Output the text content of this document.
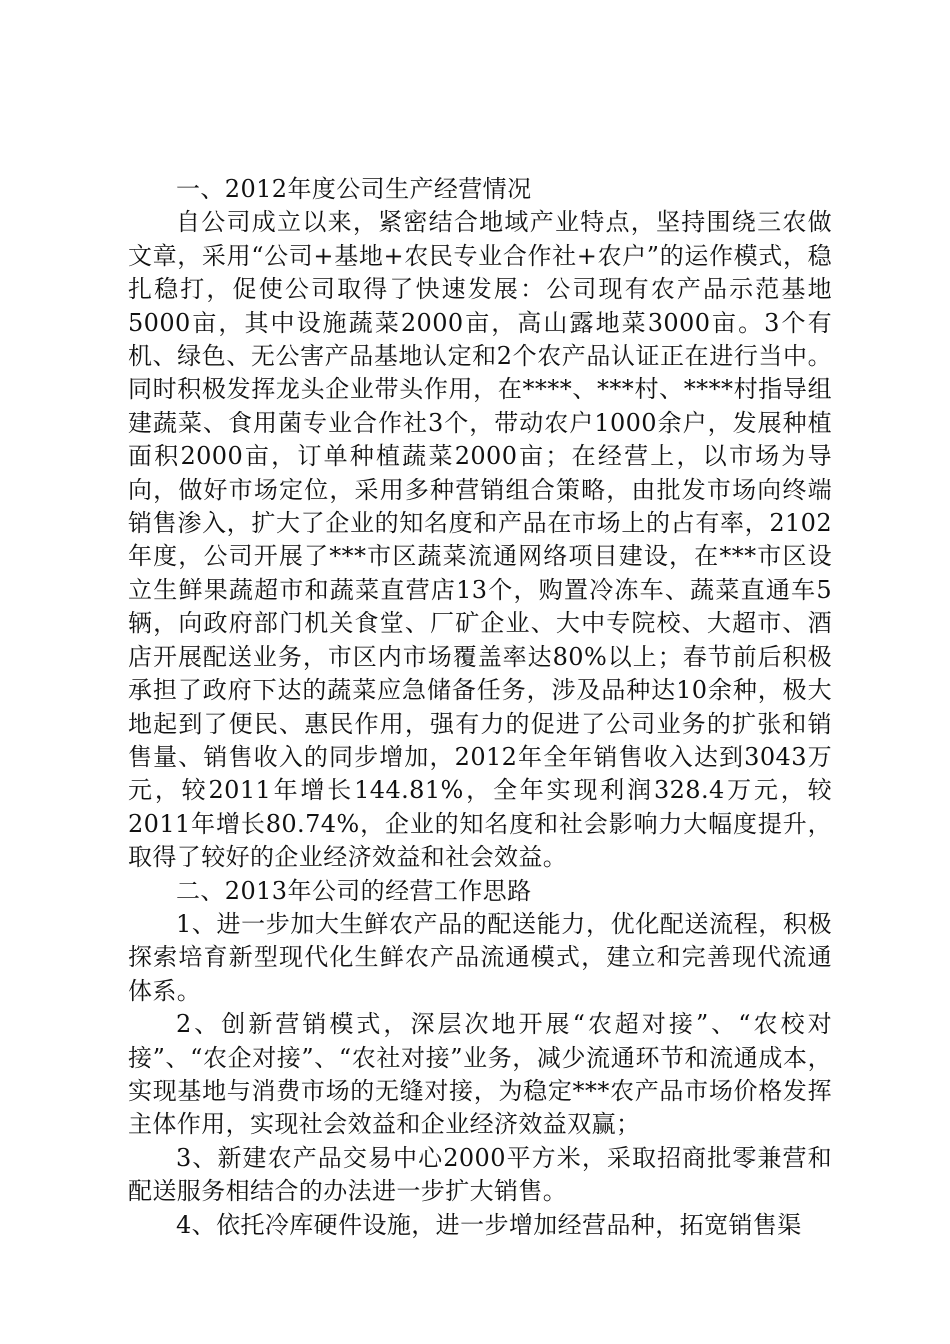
一、2012年度公司生产经营情况

自公司成立以来，紧密结合地域产业特点，坚持围绕三农做文章，采用“公司+基地+农民专业合作社+农户”的运作模式，稳扎稳打，促使公司取得了快速发展：公司现有农产品示范基地5000亩，其中设施蔬菜2000亩，高山露地菜3000亩。3个有机、绿色、无公害产品基地认定和2个农产品认证正在进行当中。同时积极发挥龙头企业带头作用，在****、***村、****村指导组建蔬菜、食用菌专业合作社3个，带动农户1000余户，发展种植面积2000亩，订单种植蔬菜2000亩；在经营上，以市场为导向，做好市场定位，采用多种营销组合策略，由批发市场向终端销售渗入，扩大了企业的知名度和产品在市场上的占有率，2102年度，公司开展了***市区蔬菜流通网络项目建设，在***市区设立生鲜果蔬超市和蔬菜直营店13个，购置冷冻车、蔬菜直通车5辆，向政府部门机关食堂、厂矿企业、大中专院校、大超市、酒店开展配送业务，市区内市场覆盖率达80%以上；春节前后积极承担了政府下达的蔬菜应急储备任务，涉及品种达10余种，极大地起到了便民、惠民作用，强有力的促进了公司业务的扩张和销售量、销售收入的同步增加，2012年全年销售收入达到3043万元，较2011年增长144.81%，全年实现利润328.4万元，较2011年增长80.74%，企业的知名度和社会影响力大幅度提升，取得了较好的企业经济效益和社会效益。

二、2013年公司的经营工作思路

1、进一步加大生鲜农产品的配送能力，优化配送流程，积极探索培育新型现代化生鲜农产品流通模式，建立和完善现代流通体系。

2、创新营销模式，深层次地开展“农超对接”、“农校对接”、“农企对接”、“农社对接”业务，减少流通环节和流通成本，实现基地与消费市场的无缝对接，为稳定***农产品市场价格发挥主体作用，实现社会效益和企业经济效益双赢；

3、新建农产品交易中心2000平方米，采取招商批零兼营和配送服务相结合的办法进一步扩大销售。

4、依托冷库硬件设施，进一步增加经营品种，拓宽销售渠
